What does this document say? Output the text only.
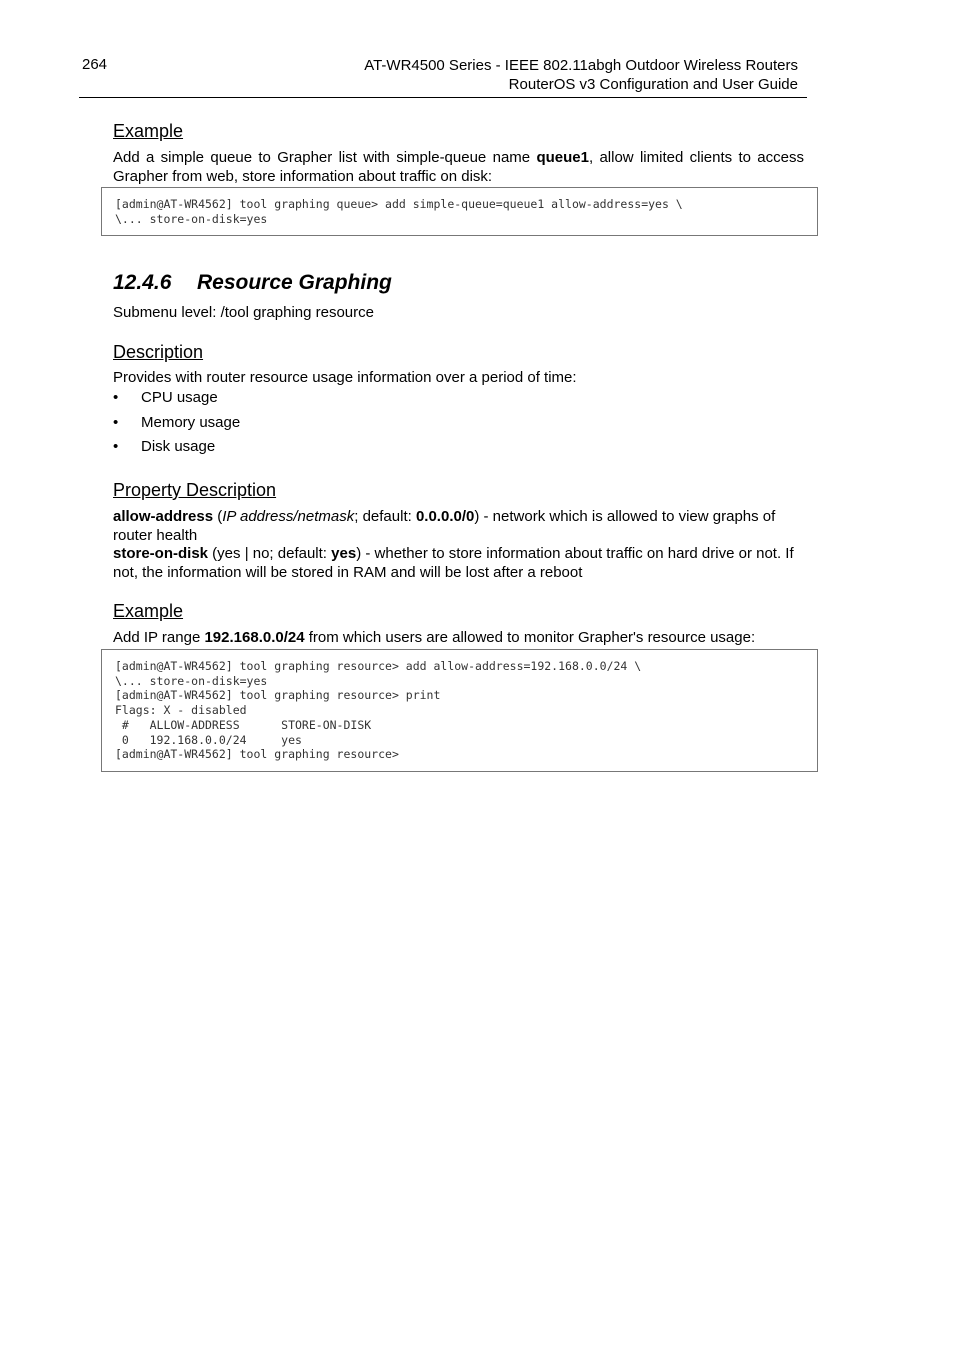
264	AT-WR4500 Series - IEEE 802.11abgh Outdoor Wireless Routers
RouterOS v3 Configuration and User Guide
Example

Add a simple queue to Grapher list with simple-queue name queue1, allow limited clients to access Grapher from web, store information about traffic on disk:

[admin@AT-WR4562] tool graphing queue> add simple-queue=queue1 allow-address=yes \
\... store-on-disk=yes
12.4.6 Resource Graphing

Submenu level: /tool graphing resource

Description

Provides with router resource usage information over a period of time:

• CPU usage
• Memory usage
• Disk usage
Property Description

allow-address (IP address/netmask; default: 0.0.0.0/0) - network which is allowed to view graphs of router health

store-on-disk (yes | no; default: yes) - whether to store information about traffic on hard drive or not. If not, the information will be stored in RAM and will be lost after a reboot

Example

Add IP range 192.168.0.0/24 from which users are allowed to monitor Grapher's resource usage:

[admin@AT-WR4562] tool graphing resource> add allow-address=192.168.0.0/24 \
\... store-on-disk=yes
[admin@AT-WR4562] tool graphing resource> print
Flags: X - disabled
#   ALLOW-ADDRESS      STORE-ON-DISK
0   192.168.0.0/24     yes
[admin@AT-WR4562] tool graphing resource>
